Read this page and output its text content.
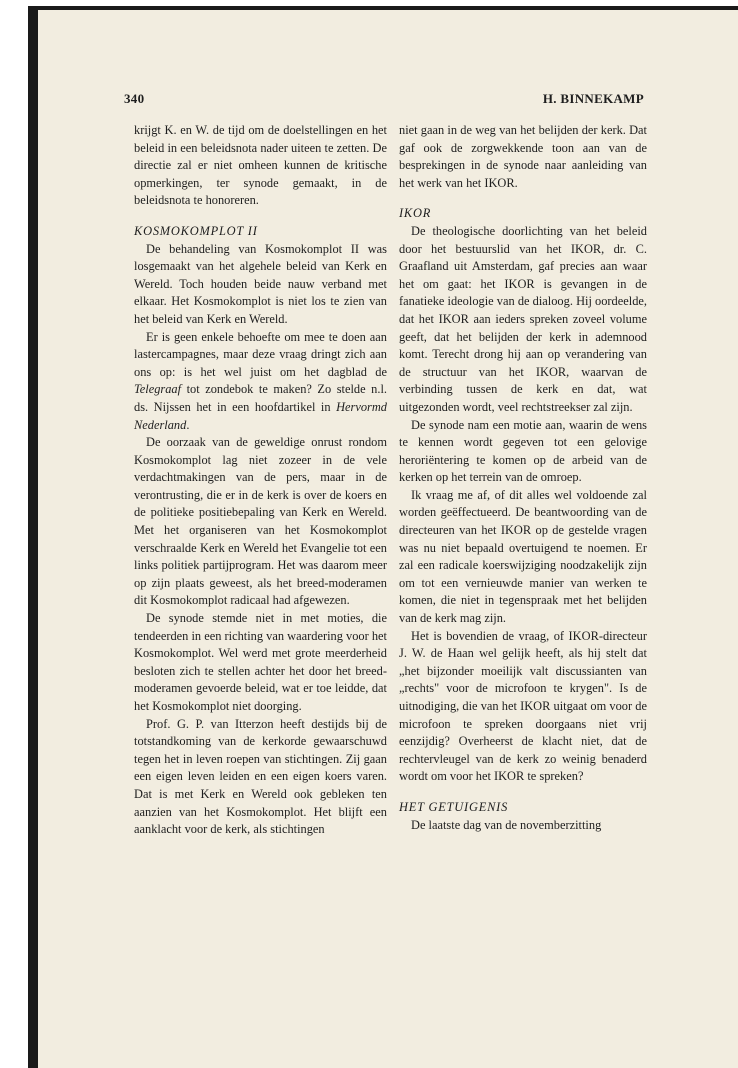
340	H. BINNEKAMP

krijgt K. en W. de tijd om de doelstellingen en het beleid in een beleidsnota nader uiteen te zetten. De directie zal er niet omheen kunnen de kritische opmerkingen, ter synode gemaakt, in de beleidsnota te honoreren.

KOSMOKOMPLOT II

De behandeling van Kosmokomplot II was losgemaakt van het algehele beleid van Kerk en Wereld. Toch houden beide nauw verband met elkaar. Het Kosmokomplot is niet los te zien van het beleid van Kerk en Wereld.

Er is geen enkele behoefte om mee te doen aan lastercampagnes, maar deze vraag dringt zich aan ons op: is het wel juist om het dagblad de Telegraaf tot zondebok te maken? Zo stelde n.l. ds. Nijssen het in een hoofdartikel in Hervormd Nederland.

De oorzaak van de geweldige onrust rondom Kosmokomplot lag niet zozeer in de vele verdachtmakingen van de pers, maar in de verontrusting, die er in de kerk is over de koers en de politieke positiebepaling van Kerk en Wereld. Met het organiseren van het Kosmokomplot verschraalde Kerk en Wereld het Evangelie tot een links politiek partijprogram. Het was daarom meer op zijn plaats geweest, als het breed-moderamen dit Kosmokomplot radicaal had afgewezen.

De synode stemde niet in met moties, die tendeerden in een richting van waardering voor het Kosmokomplot. Wel werd met grote meerderheid besloten zich te stellen achter het door het breed-moderamen gevoerde beleid, wat er toe leidde, dat het Kosmokomplot niet doorging.

Prof. G. P. van Itterzon heeft destijds bij de totstandkoming van de kerkorde gewaarschuwd tegen het in leven roepen van stichtingen. Zij gaan een eigen leven leiden en een eigen koers varen. Dat is met Kerk en Wereld ook gebleken ten aanzien van het Kosmokomplot. Het blijft een aanklacht voor de kerk, als stichtingen

niet gaan in de weg van het belijden der kerk. Dat gaf ook de zorgwekkende toon aan van de besprekingen in de synode naar aanleiding van het werk van het IKOR.

IKOR

De theologische doorlichting van het beleid door het bestuurslid van het IKOR, dr. C. Graafland uit Amsterdam, gaf precies aan waar het om gaat: het IKOR is gevangen in de fanatieke ideologie van de dialoog. Hij oordeelde, dat het IKOR aan ieders spreken zoveel volume geeft, dat het belijden der kerk in ademnood komt. Terecht drong hij aan op verandering van de structuur van het IKOR, waarvan de verbinding tussen de kerk en dat, wat uitgezonden wordt, veel rechtstreekser zal zijn.

De synode nam een motie aan, waarin de wens te kennen wordt gegeven tot een gelovige heroriëntering te komen op de arbeid van de kerken op het terrein van de omroep.

Ik vraag me af, of dit alles wel voldoende zal worden geëffectueerd. De beantwoording van de directeuren van het IKOR op de gestelde vragen was nu niet bepaald overtuigend te noemen. Er zal een radicale koerswijziging noodzakelijk zijn om tot een vernieuwde manier van werken te komen, die niet in tegenspraak met het belijden van de kerk mag zijn.

Het is bovendien de vraag, of IKOR-directeur J. W. de Haan wel gelijk heeft, als hij stelt dat „het bijzonder moeilijk valt discussianten van „rechts" voor de microfoon te krygen". Is de uitnodiging, die van het IKOR uitgaat om voor de microfoon te spreken doorgaans niet vrij eenzijdig? Overheerst de klacht niet, dat de rechtervleugel van de kerk zo weinig benaderd wordt om voor het IKOR te spreken?

HET GETUIGENIS

De laatste dag van de novemberzitting
